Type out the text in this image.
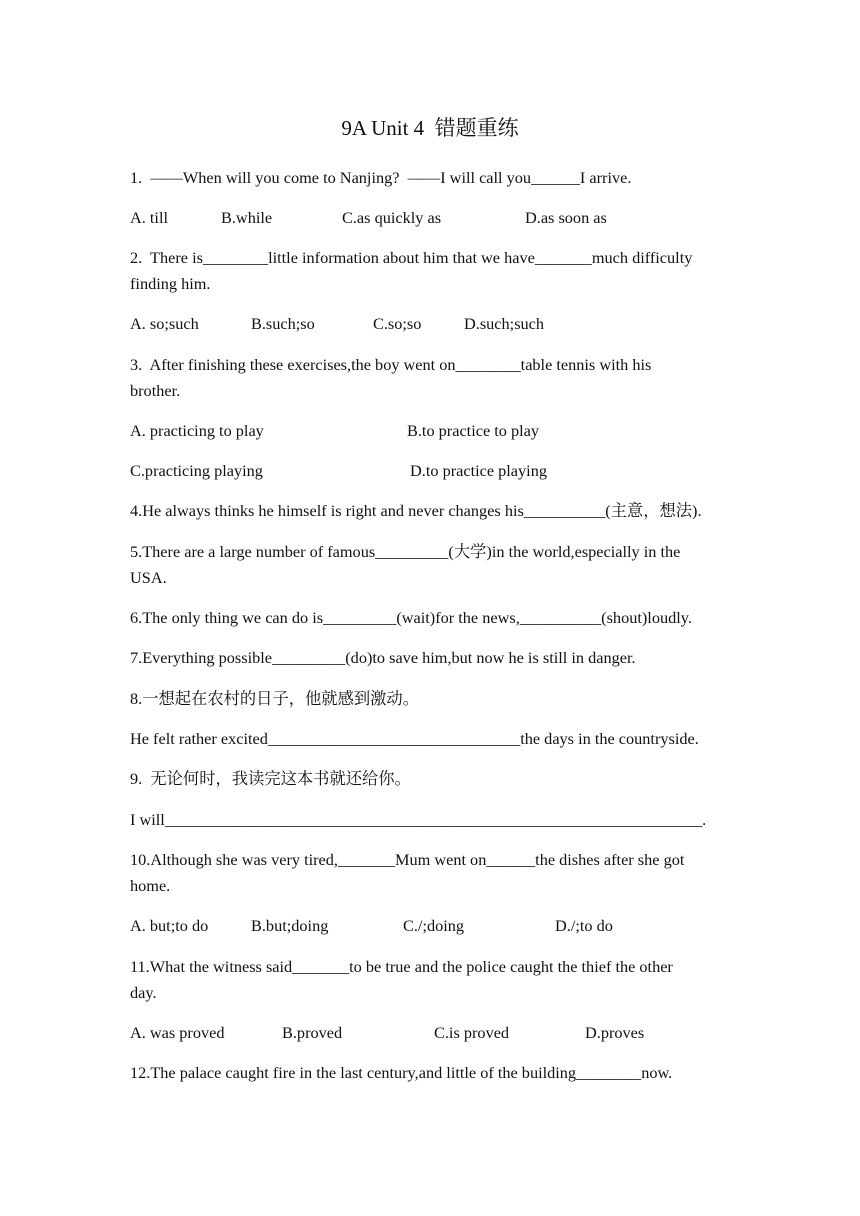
9A Unit 4  错题重练
1.  ——When will you come to Nanjing?  ——I will call you______I arrive.
A. till	B.while	C.as quickly as	D.as soon as
2.  There is________little information about him that we have_______much difficulty
finding him.
A. so;such	B.such;so	C.so;so	D.such;such
3.  After finishing these exercises,the boy went on________table tennis with his
brother.
A. practicing to play	B.to practice to play
C.practicing playing	D.to practice playing
4.He always thinks he himself is right and never changes his__________(主意，想法).
5.There are a large number of famous_________(大学)in the world,especially in the
USA.
6.The only thing we can do is_________(wait)for the news,__________(shout)loudly.
7.Everything possible_________(do)to save him,but now he is still in danger.
8.一想起在农村的日子，他就感到激动。
He felt rather excited_______________________________the days in the countryside.
9.  无论何时，我读完这本书就还给你。
I will__________________________________________________________________.
10.Although she was very tired,_______Mum went on______the dishes after she got
home.
A. but;to do	B.but;doing	C./;doing	D./;to do
11.What the witness said_______to be true and the police caught the thief the other
day.
A. was proved	B.proved	C.is proved	D.proves
12.The palace caught fire in the last century,and little of the building________now.
